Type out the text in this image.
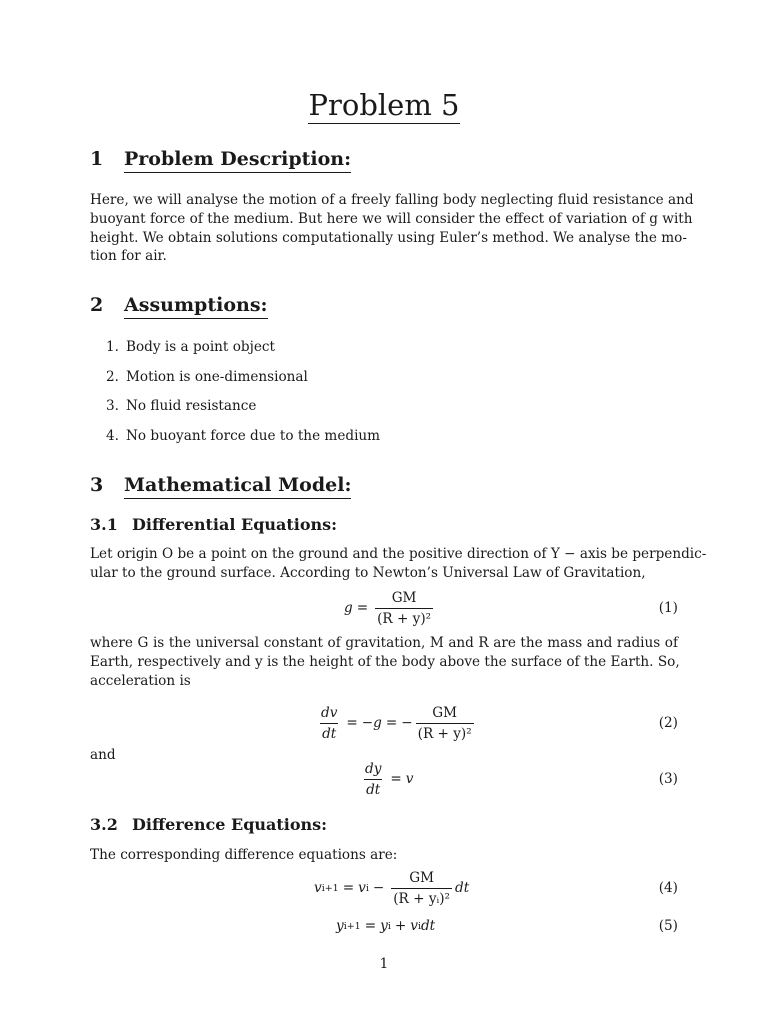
Problem 5
1 Problem Description:
Here, we will analyse the motion of a freely falling body neglecting fluid resistance and
buoyant force of the medium. But here we will consider the effect of variation of g with
height. We obtain solutions computationally using Euler’s method. We analyse the mo-
tion for air.
2 Assumptions:
1. Body is a point object
2. Motion is one-dimensional
3. No fluid resistance
4. No buoyant force due to the medium
3 Mathematical Model:
3.1 Differential Equations:
Let origin O be a point on the ground and the positive direction of Y − axis be perpendic-
ular to the ground surface. According to Newton’s Universal Law of Gravitation,
$g = \frac{GM}{\text{(R + y)²}}$	(1)
where G is the universal constant of gravitation, M and R are the mass and radius of
Earth, respectively and y is the height of the body above the surface of the Earth. So,
acceleration is
$\frac{dv}{dt}$ = − g = − $\frac{GM}{\text{(R + y)²}}$	(2)
and
$\frac{dy}{dt} = v$	(3)
3.2 Difference Equations:
The corresponding difference equations are:
v i+1 = v $i - \frac{GM}{\text{(R + yᵢ)²}}$ dt	(4)
y i+1 = y i + v i dt	(5)
1
